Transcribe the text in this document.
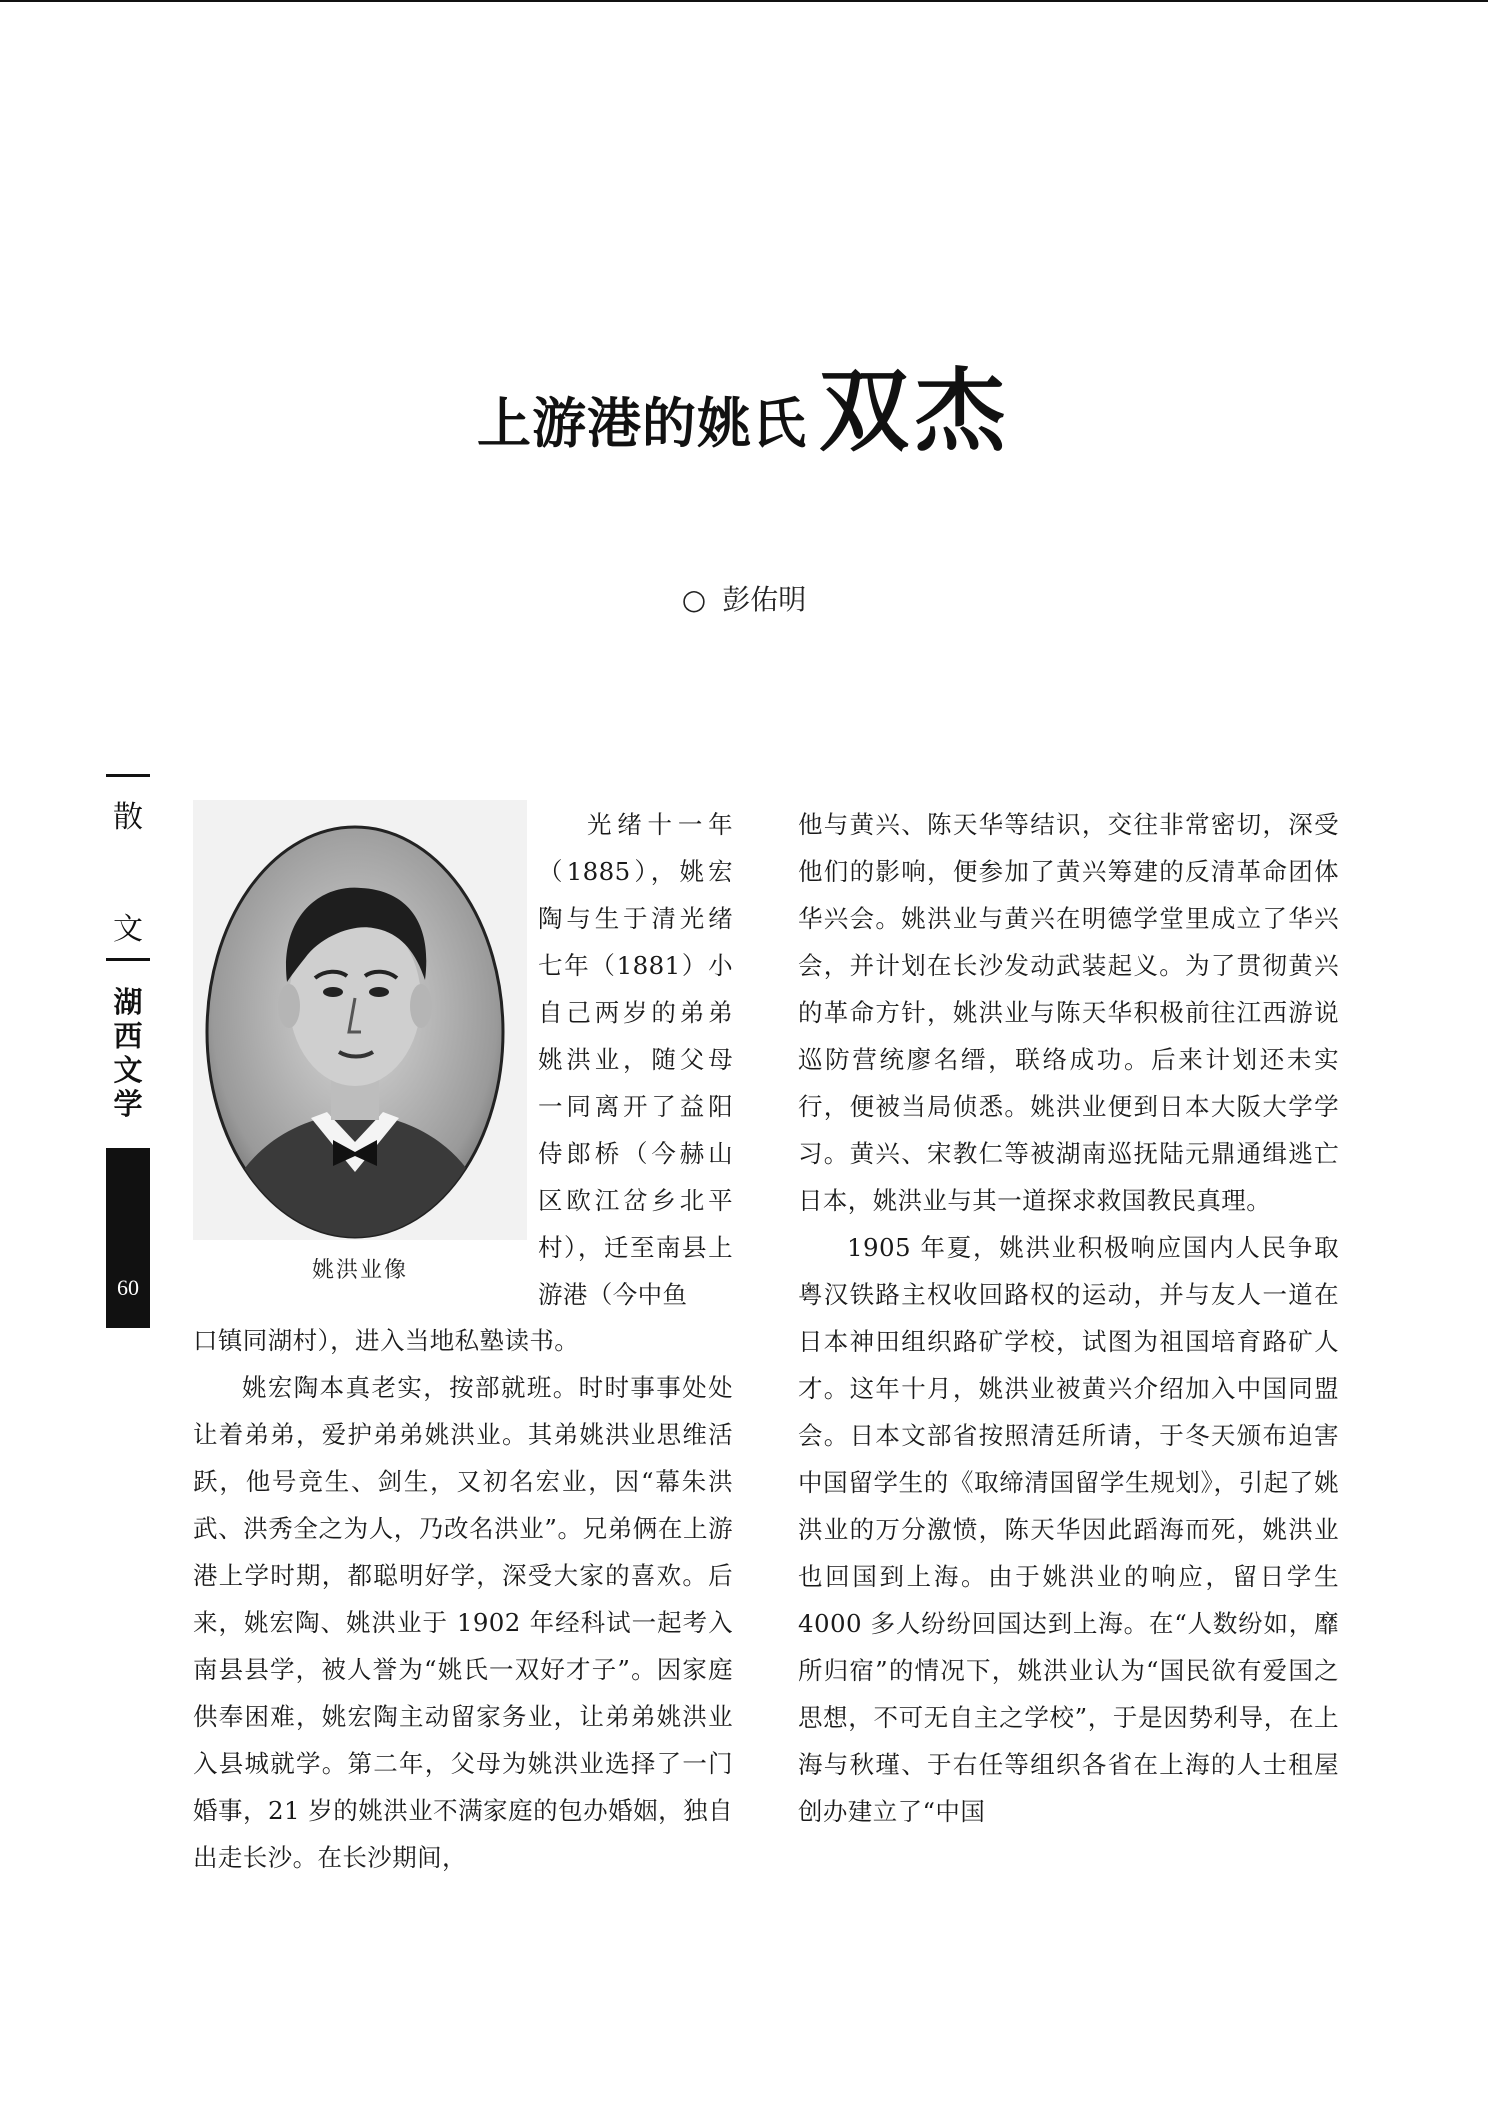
上游港的姚氏 双杰
○ 彭佑明
散
文
湖西文学
60
姚洪业像

光绪十一年（1885），姚宏陶与生于清光绪七年（1881）小自己两岁的弟弟姚洪业，随父母一同离开了益阳侍郎桥（今赫山区欧江岔乡北平村），迁至南县上游港（今中鱼

口镇同湖村），进入当地私塾读书。

姚宏陶本真老实，按部就班。时时事事处处让着弟弟，爱护弟弟姚洪业。其弟姚洪业思维活跃，他号竞生、剑生，又初名宏业，因“幕朱洪武、洪秀全之为人，乃改名洪业”。兄弟俩在上游港上学时期，都聪明好学，深受大家的喜欢。后来，姚宏陶、姚洪业于 1902 年经科试一起考入南县县学，被人誉为“姚氏一双好才子”。因家庭供奉困难，姚宏陶主动留家务业，让弟弟姚洪业入县城就学。第二年，父母为姚洪业选择了一门婚事，21 岁的姚洪业不满家庭的包办婚姻，独自出走长沙。在长沙期间，

他与黄兴、陈天华等结识，交往非常密切，深受他们的影响，便参加了黄兴筹建的反清革命团体华兴会。姚洪业与黄兴在明德学堂里成立了华兴会，并计划在长沙发动武装起义。为了贯彻黄兴的革命方针，姚洪业与陈天华积极前往江西游说巡防营统廖名缙，联络成功。后来计划还未实行，便被当局侦悉。姚洪业便到日本大阪大学学习。黄兴、宋教仁等被湖南巡抚陆元鼎通缉逃亡日本，姚洪业与其一道探求救国教民真理。

1905 年夏，姚洪业积极响应国内人民争取粤汉铁路主权收回路权的运动，并与友人一道在日本神田组织路矿学校，试图为祖国培育路矿人才。这年十月，姚洪业被黄兴介绍加入中国同盟会。日本文部省按照清廷所请，于冬天颁布迫害中国留学生的《取缔清国留学生规划》，引起了姚洪业的万分激愤，陈天华因此蹈海而死，姚洪业也回国到上海。由于姚洪业的响应，留日学生 4000 多人纷纷回国达到上海。在“人数纷如，靡所归宿”的情况下，姚洪业认为“国民欲有爱国之思想，不可无自主之学校”，于是因势利导，在上海与秋瑾、于右任等组织各省在上海的人士租屋创办建立了“中国
